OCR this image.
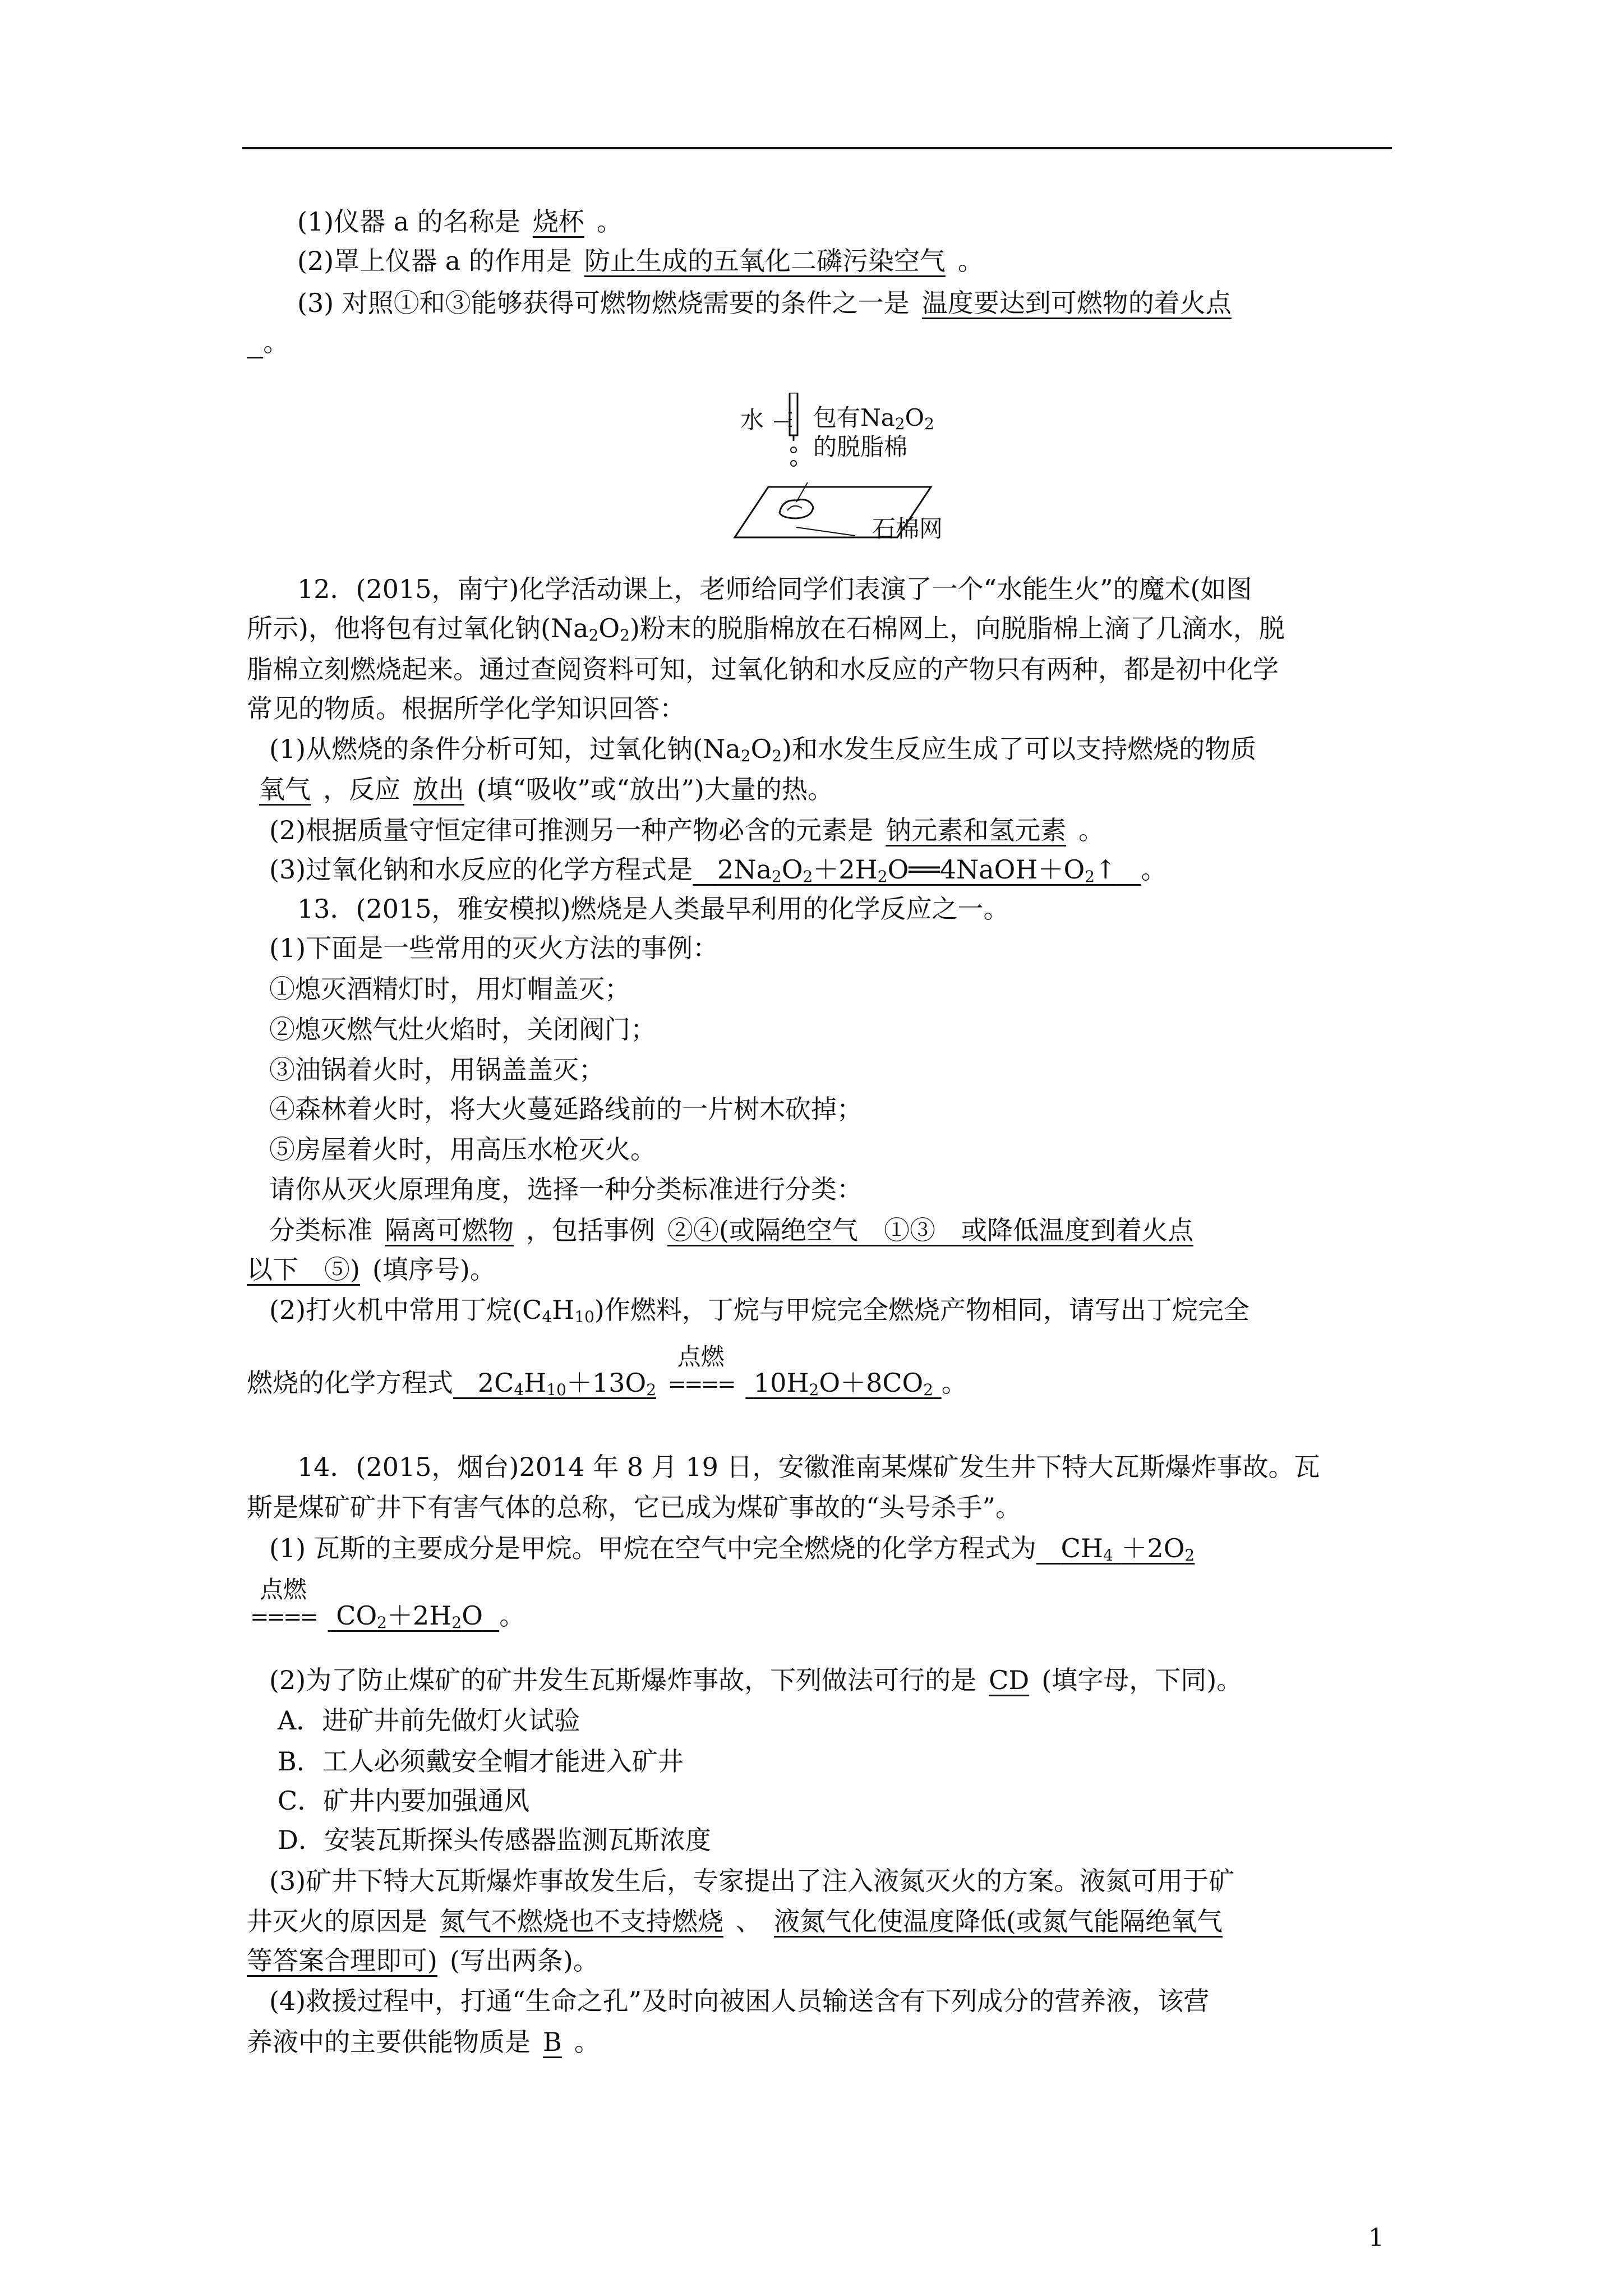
(1)仪器 a 的名称是 烧杯 。
(2)罩上仪器 a 的作用是 防止生成的五氧化二磷污染空气 。
(3) 对照①和③能够获得可燃物燃烧需要的条件之一是 温度要达到可燃物的着火点
。
水 包有$Na_2O_2$
的脱脂棉
石棉网
12．(2015，南宁)化学活动课上，老师给同学们表演了一个“水能生火”的魔术(如图
所示)，他将包有过氧化钠$(Na_2O_2)$粉末的脱脂棉放在石棉网上，向脱脂棉上滴了几滴水，脱
脂棉立刻燃烧起来。通过查阅资料可知，过氧化钠和水反应的产物只有两种，都是初中化学
常见的物质。根据所学化学知识回答：
(1)从燃烧的条件分析可知，过氧化钠$(Na_2O_2)$和水发生反应生成了可以支持燃烧的物质
氧气 ，反应 放出 (填“吸收”或“放出”)大量的热。
(2)根据质量守恒定律可推测另一种产物必含的元素是 钠元素和氢元素 。
(3)过氧化钠和水反应的化学方程式是 $2Na_2O_2+2H_2O══4NaOH+O_2↑$ 。
13．(2015，雅安模拟)燃烧是人类最早利用的化学反应之一。
(1)下面是一些常用的灭火方法的事例：
①熄灭酒精灯时，用灯帽盖灭；
②熄灭燃气灶火焰时，关闭阀门；
③油锅着火时，用锅盖盖灭；
④森林着火时，将大火蔓延路线前的一片树木砍掉；
⑤房屋着火时，用高压水枪灭火。
请你从灭火原理角度，选择一种分类标准进行分类：
分类标准 隔离可燃物 ，包括事例 ②④(或隔绝空气　①③　或降低温度到着火点
以下　⑤) (填序号)。
(2)打火机中常用丁烷$(C_4H_{10})$作燃料，丁烷与甲烷完全燃烧产物相同，请写出丁烷完全
燃烧的化学方程式 $2C_4H_{10}+13O_2$
点燃
==== $10H_2O+8CO_2$ 。
14．(2015，烟台)2014 年 8 月 19 日，安徽淮南某煤矿发生井下特大瓦斯爆炸事故。瓦
斯是煤矿矿井下有害气体的总称，它已成为煤矿事故的“头号杀手”。
(1) 瓦斯的主要成分是甲烷。甲烷在空气中完全燃烧的化学方程式为 $CH_4 +2O_2$
点燃
==== $CO_2+2H_2O$ 。
(2)为了防止煤矿的矿井发生瓦斯爆炸事故，下列做法可行的是 CD (填字母，下同)。
A．进矿井前先做灯火试验
B．工人必须戴安全帽才能进入矿井
C．矿井内要加强通风
D．安装瓦斯探头传感器监测瓦斯浓度
(3)矿井下特大瓦斯爆炸事故发生后，专家提出了注入液氮灭火的方案。液氮可用于矿
井灭火的原因是 氮气不燃烧也不支持燃烧 、 液氮气化使温度降低(或氮气能隔绝氧气
等答案合理即可) (写出两条)。
(4)救援过程中，打通“生命之孔”及时向被困人员输送含有下列成分的营养液，该营
养液中的主要供能物质是 B 。
1
